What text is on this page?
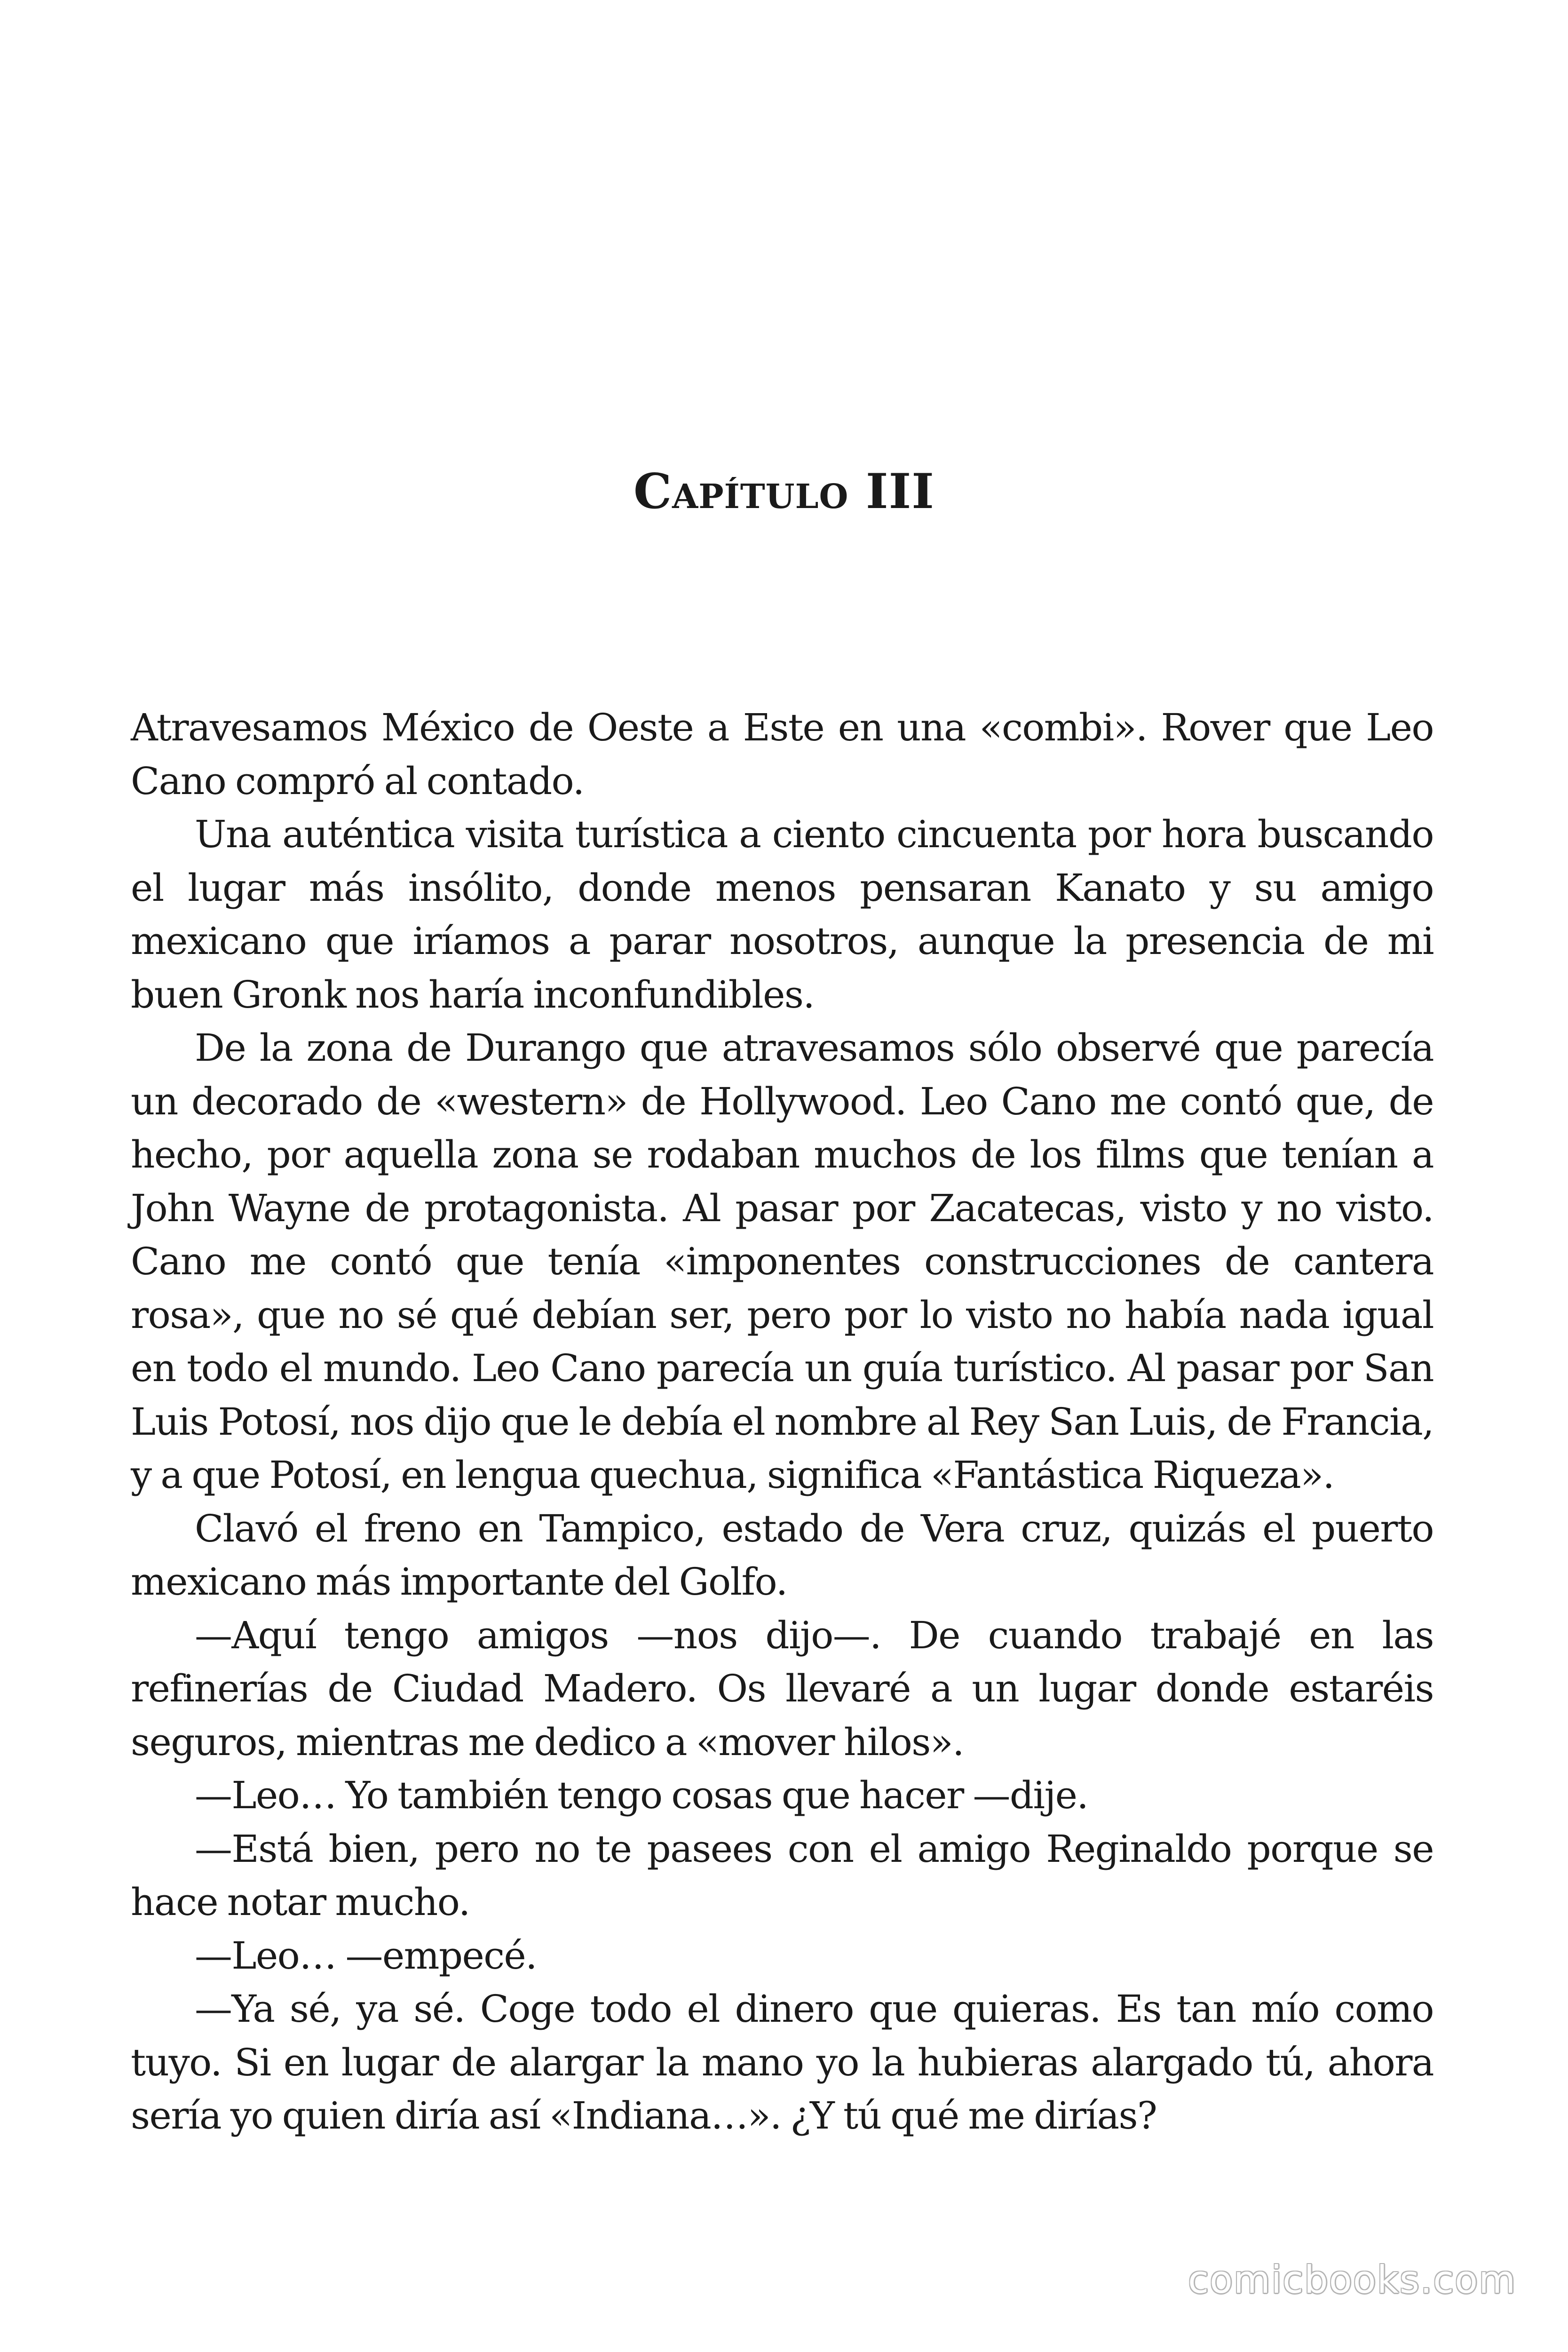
Capítulo III

Atravesamos México de Oeste a Este en una «combi». Rover que Leo Cano compró al contado.

Una auténtica visita turística a ciento cincuenta por hora buscando el lugar más insólito, donde menos pensaran Kanato y su amigo mexicano que iríamos a parar nosotros, aunque la presencia de mi buen Gronk nos haría inconfundibles.

De la zona de Durango que atravesamos sólo observé que parecía un decorado de «western» de Hollywood. Leo Cano me contó que, de hecho, por aquella zona se rodaban muchos de los films que tenían a John Wayne de protagonista. Al pasar por Zacatecas, visto y no visto. Cano me contó que tenía «imponentes construcciones de cantera rosa», que no sé qué debían ser, pero por lo visto no había nada igual en todo el mundo. Leo Cano parecía un guía turístico. Al pasar por San Luis Potosí, nos dijo que le debía el nombre al Rey San Luis, de Francia, y a que Potosí, en lengua quechua, significa «Fantástica Riqueza».

Clavó el freno en Tampico, estado de Vera cruz, quizás el puerto mexicano más importante del Golfo.

—Aquí tengo amigos —nos dijo—. De cuando trabajé en las refinerías de Ciudad Madero. Os llevaré a un lugar donde estaréis seguros, mientras me dedico a «mover hilos».

—Leo… Yo también tengo cosas que hacer —dije.

—Está bien, pero no te pasees con el amigo Reginaldo porque se hace notar mucho.

—Leo… —empecé.

—Ya sé, ya sé. Coge todo el dinero que quieras. Es tan mío como tuyo. Si en lugar de alargar la mano yo la hubieras alargado tú, ahora sería yo quien diría así «Indiana…». ¿Y tú qué me dirías?

comicbooks.com
